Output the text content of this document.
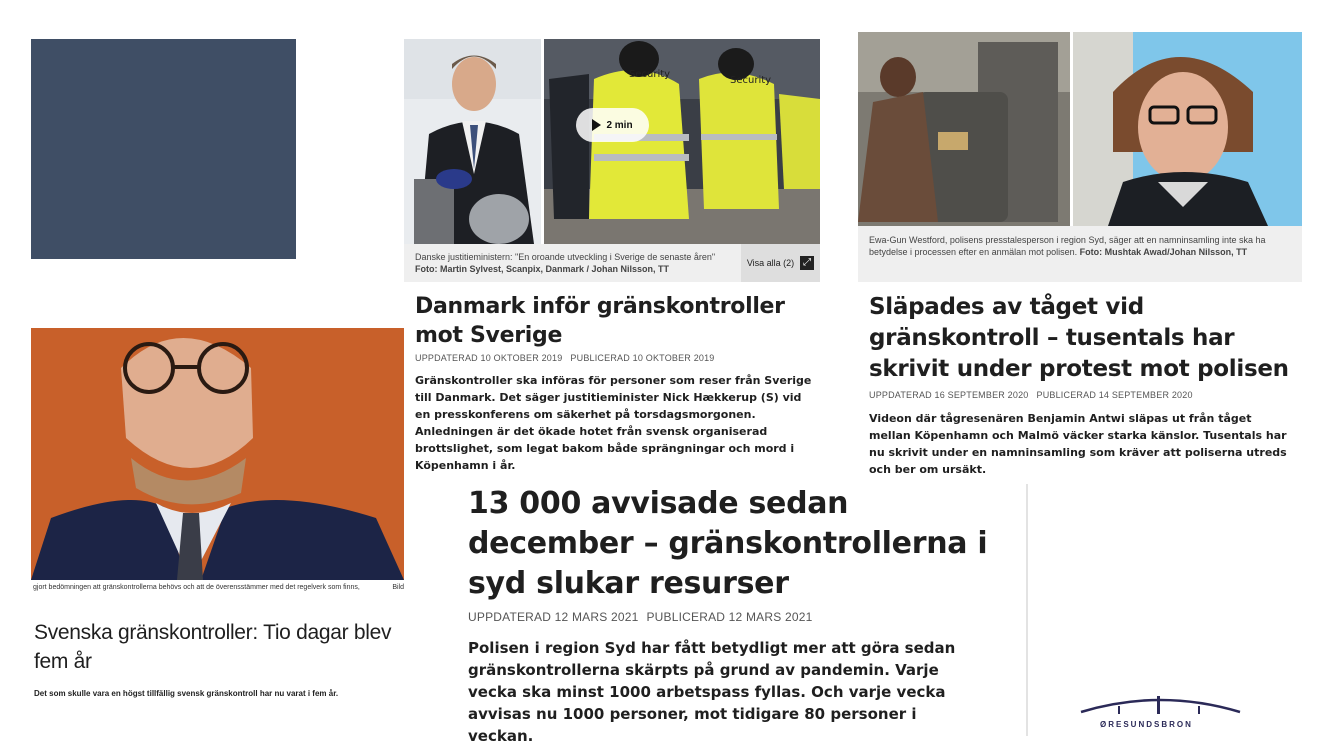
Security
Security
2 min
Danske justitieministern: "En oroande utveckling i Sverige de senaste åren" Foto: Martin Sylvest, Scanpix, Danmark / Johan Nilsson, TT
Visa alla (2) ⤢
Danmark inför gränskontroller mot Sverige
UPPDATERAD 10 OKTOBER 2019 PUBLICERAD 10 OKTOBER 2019
Gränskontroller ska införas för personer som reser från Sverige till Danmark. Det säger justitieminister Nick Hækkerup (S) vid en presskonferens om säkerhet på torsdagsmorgonen. Anledningen är det ökade hotet från svensk organiserad brottslighet, som legat bakom både sprängningar och mord i Köpenhamn i år.
Ewa-Gun Westford, polisens presstalesperson i region Syd, säger att en namninsamling inte ska ha betydelse i processen efter en anmälan mot polisen. Foto: Mushtak Awad/Johan Nilsson, TT
Släpades av tåget vid gränskontroll – tusentals har skrivit under protest mot polisen
UPPDATERAD 16 SEPTEMBER 2020 PUBLICERAD 14 SEPTEMBER 2020
Videon där tågresenären Benjamin Antwi släpas ut från tåget mellan Köpenhamn och Malmö väcker starka känslor. Tusentals har nu skrivit under en namninsamling som kräver att poliserna utreds och ber om ursäkt.
gjort bedömningen att gränskontrollerna behövs och att de överensstämmer med det regelverk som finns,	Bild
Svenska gränskontroller: Tio dagar blev fem år
Det som skulle vara en högst tillfällig svensk gränskontroll har nu varat i fem år.
13 000 avvisade sedan december – gränskontrollerna i syd slukar resurser
UPPDATERAD 12 MARS 2021 PUBLICERAD 12 MARS 2021
Polisen i region Syd har fått betydligt mer att göra sedan gränskontrollerna skärpts på grund av pandemin. Varje vecka ska minst 1000 arbetspass fyllas. Och varje vecka avvisas nu 1000 personer, mot tidigare 80 personer i veckan.
ØRESUNDSBRON
